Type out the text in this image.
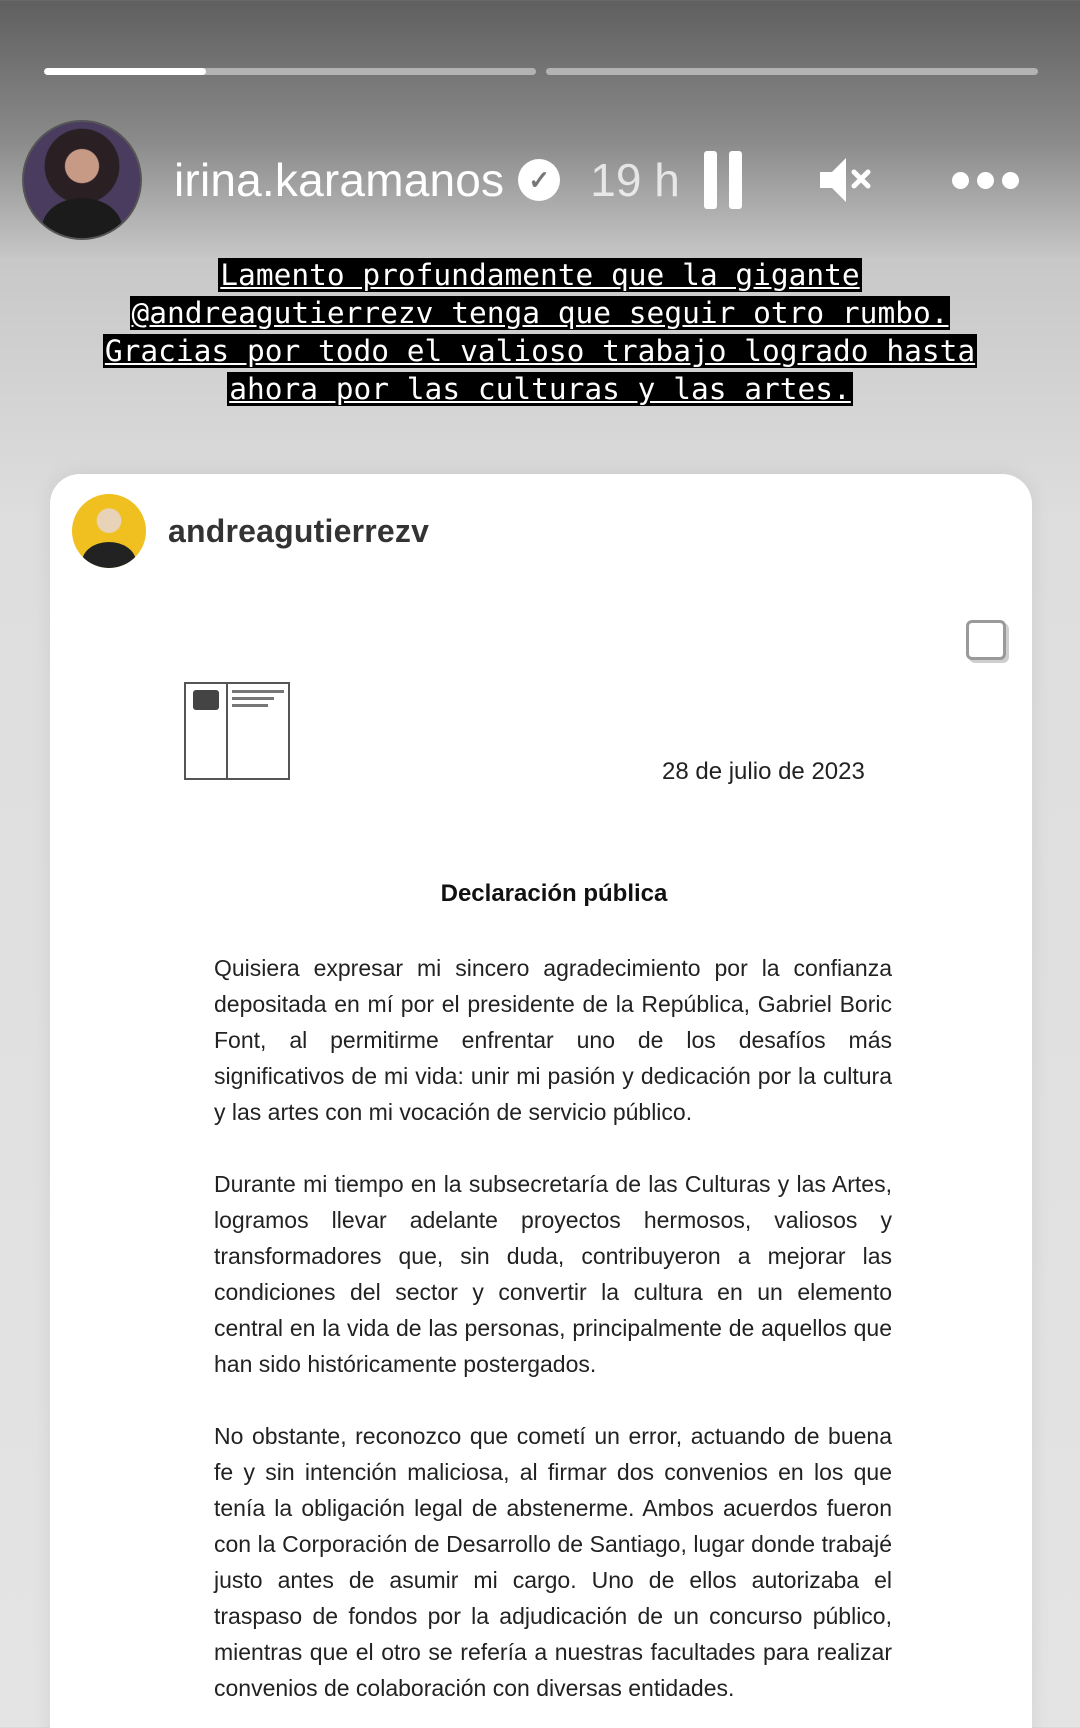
irina.karamanos ✓ 19 h
Lamento profundamente que la gigante
@andreagutierrezv tenga que seguir otro rumbo.
Gracias por todo el valioso trabajo logrado hasta
ahora por las culturas y las artes.
28 de julio de 2023
Declaración pública

Quisiera expresar mi sincero agradecimiento por la confianza depositada en mí por el presidente de la República, Gabriel Boric Font, al permitirme enfrentar uno de los desafíos más significativos de mi vida: unir mi pasión y dedicación por la cultura y las artes con mi vocación de servicio público.

Durante mi tiempo en la subsecretaría de las Culturas y las Artes, logramos llevar adelante proyectos hermosos, valiosos y transformadores que, sin duda, contribuyeron a mejorar las condiciones del sector y convertir la cultura en un elemento central en la vida de las personas, principalmente de aquellos que han sido históricamente postergados.

No obstante, reconozco que cometí un error, actuando de buena fe y sin intención maliciosa, al firmar dos convenios en los que tenía la obligación legal de abstenerme. Ambos acuerdos fueron con la Corporación de Desarrollo de Santiago, lugar donde trabajé justo antes de asumir mi cargo. Uno de ellos autorizaba el traspaso de fondos por la adjudicación de un concurso público, mientras que el otro se refería a nuestras facultades para realizar convenios de colaboración con diversas entidades.

andreagutierrezv
